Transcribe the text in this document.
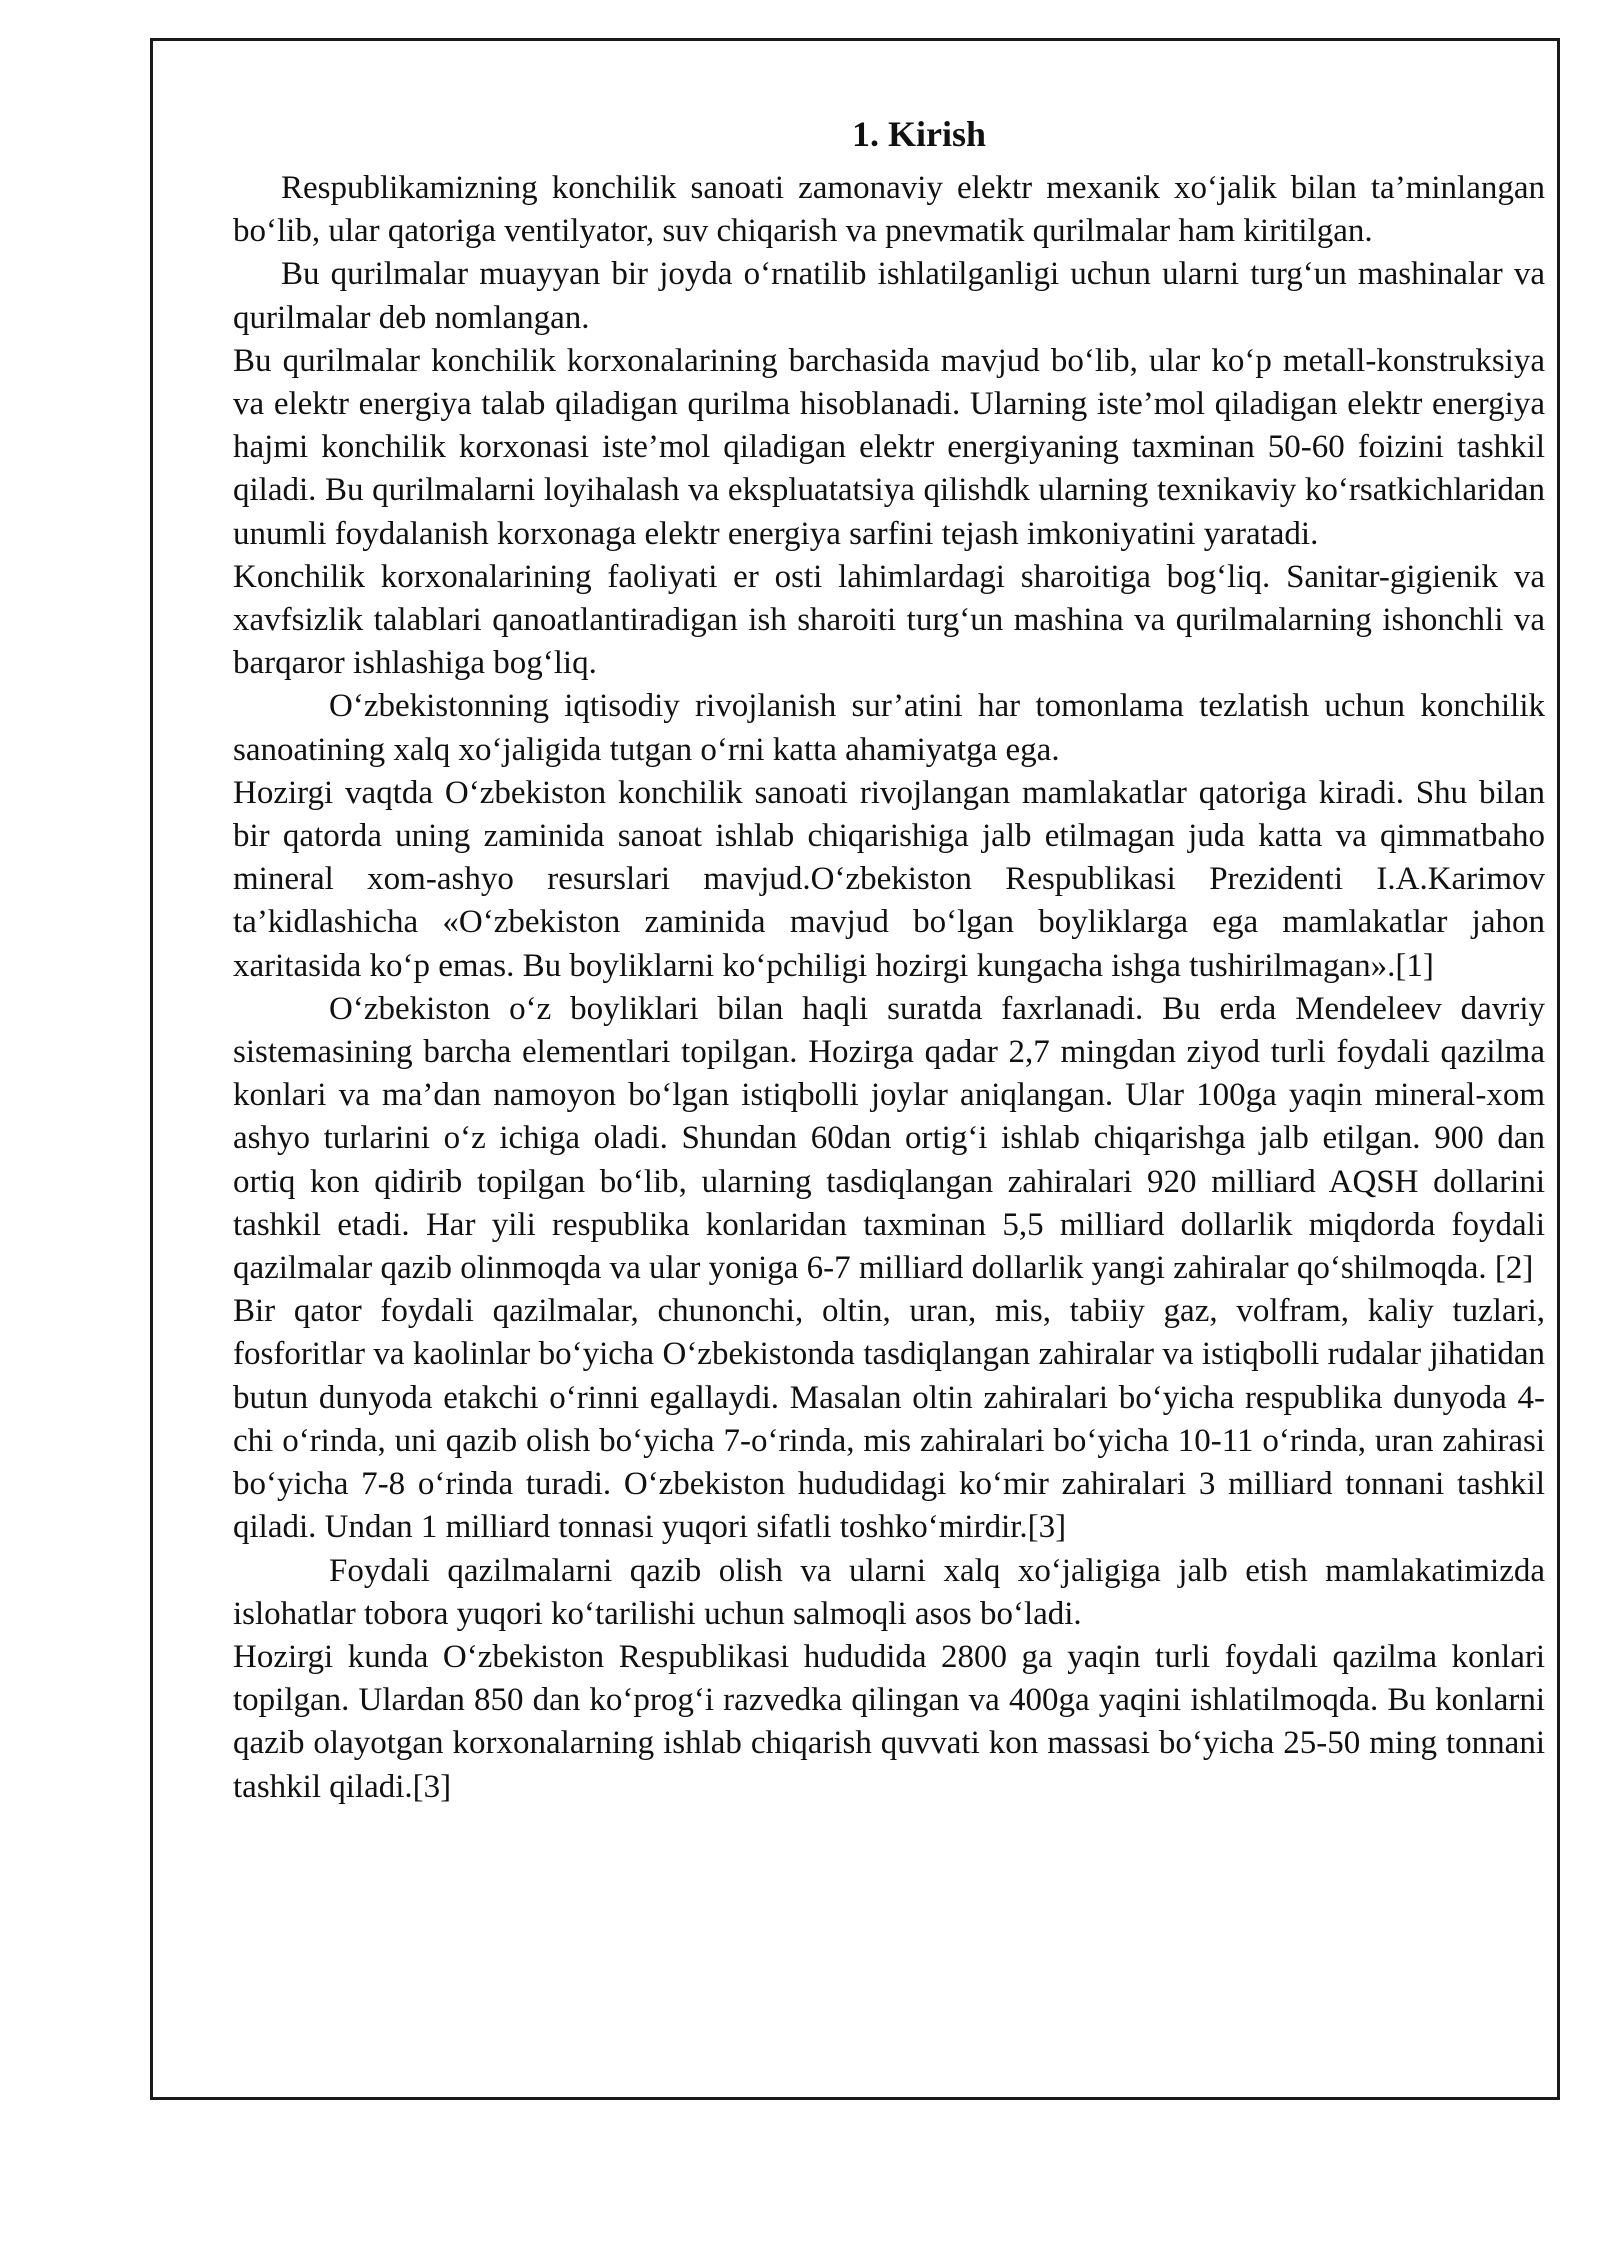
1. Kirish

Respublikamizning konchilik sanoati zamonaviy elektr mexanik xo‘jalik bilan ta’minlangan bo‘lib, ular qatoriga ventilyator, suv chiqarish va pnevmatik qurilmalar ham kiritilgan.

Bu qurilmalar muayyan bir joyda o‘rnatilib ishlatilganligi uchun ularni turg‘un mashinalar va qurilmalar deb nomlangan.

Bu qurilmalar konchilik korxonalarining barchasida mavjud bo‘lib, ular ko‘p metall-konstruksiya va elektr energiya talab qiladigan qurilma hisoblanadi. Ularning iste’mol qiladigan elektr energiya hajmi konchilik korxonasi iste’mol qiladigan elektr energiyaning taxminan 50-60 foizini tashkil qiladi. Bu qurilmalarni loyihalash va ekspluatatsiya qilishdk ularning texnikaviy ko‘rsatkichlaridan unumli foydalanish korxonaga elektr energiya sarfini tejash imkoniyatini yaratadi.

Konchilik korxonalarining faoliyati er osti lahimlardagi sharoitiga bog‘liq. Sanitar-gigienik va xavfsizlik talablari qanoatlantiradigan ish sharoiti turg‘un mashina va qurilmalarning ishonchli va barqaror ishlashiga bog‘liq.

O‘zbekistonning iqtisodiy rivojlanish sur’atini har tomonlama tezlatish uchun konchilik sanoatining xalq xo‘jaligida tutgan o‘rni katta ahamiyatga ega.

Hozirgi vaqtda O‘zbekiston konchilik sanoati rivojlangan mamlakatlar qatoriga kiradi. Shu bilan bir qatorda uning zaminida sanoat ishlab chiqarishiga jalb etilmagan juda katta va qimmatbaho mineral xom-ashyo resurslari mavjud.O‘zbekiston Respublikasi Prezidenti I.A.Karimov ta’kidlashicha «O‘zbekiston zaminida mavjud bo‘lgan boyliklarga ega mamlakatlar jahon xaritasida ko‘p emas. Bu boyliklarni ko‘pchiligi hozirgi kungacha ishga tushirilmagan».[1]

O‘zbekiston o‘z boyliklari bilan haqli suratda faxrlanadi. Bu erda Mendeleev davriy sistemasining barcha elementlari topilgan. Hozirga qadar 2,7 mingdan ziyod turli foydali qazilma konlari va ma’dan namoyon bo‘lgan istiqbolli joylar aniqlangan. Ular 100ga yaqin mineral-xom ashyo turlarini o‘z ichiga oladi. Shundan 60dan ortig‘i ishlab chiqarishga jalb etilgan. 900 dan ortiq kon qidirib topilgan bo‘lib, ularning tasdiqlangan zahiralari 920 milliard AQSH dollarini tashkil etadi. Har yili respublika konlaridan taxminan 5,5 milliard dollarlik miqdorda foydali qazilmalar qazib olinmoqda va ular yoniga 6-7 milliard dollarlik yangi zahiralar qo‘shilmoqda. [2]

Bir qator foydali qazilmalar, chunonchi, oltin, uran, mis, tabiiy gaz, volfram, kaliy tuzlari, fosforitlar va kaolinlar bo‘yicha O‘zbekistonda tasdiqlangan zahiralar va istiqbolli rudalar jihatidan butun dunyoda etakchi o‘rinni egallaydi. Masalan oltin zahiralari bo‘yicha respublika dunyoda 4-chi o‘rinda, uni qazib olish bo‘yicha 7-o‘rinda, mis zahiralari bo‘yicha 10-11 o‘rinda, uran zahirasi bo‘yicha 7-8 o‘rinda turadi. O‘zbekiston hududidagi ko‘mir zahiralari 3 milliard tonnani tashkil qiladi. Undan 1 milliard tonnasi yuqori sifatli toshko‘mirdir.[3]

Foydali qazilmalarni qazib olish va ularni xalq xo‘jaligiga jalb etish mamlakatimizda islohatlar tobora yuqori ko‘tarilishi uchun salmoqli asos bo‘ladi.

Hozirgi kunda O‘zbekiston Respublikasi hududida 2800 ga yaqin turli foydali qazilma konlari topilgan. Ulardan 850 dan ko‘prog‘i razvedka qilingan va 400ga yaqini ishlatilmoqda. Bu konlarni qazib olayotgan korxonalarning ishlab chiqarish quvvati kon massasi bo‘yicha 25-50 ming tonnani tashkil qiladi.[3]
